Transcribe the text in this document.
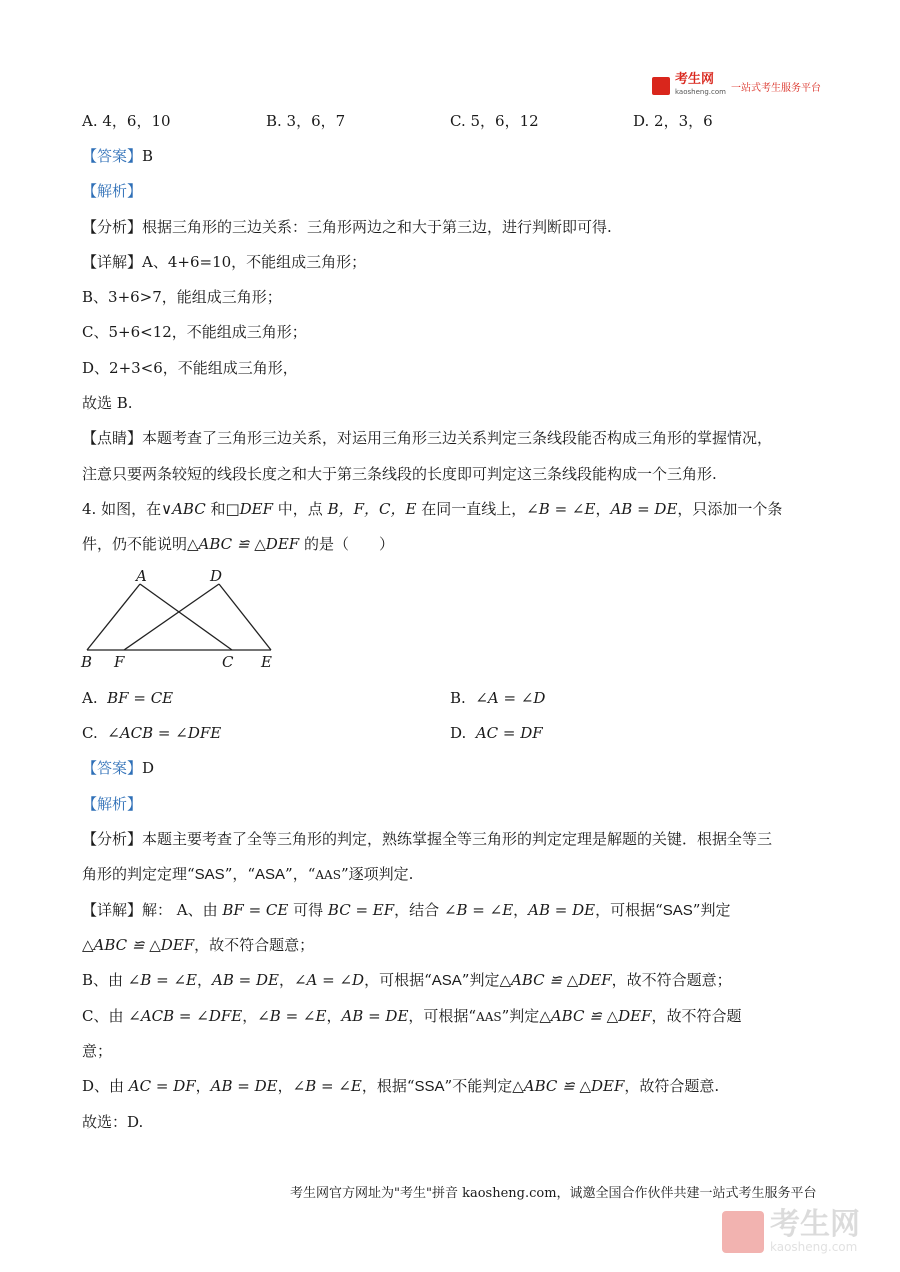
考生网
kaosheng.com 一站式考生服务平台
A. 4，6，10	B. 3，6，7	C. 5，6，12	D. 2，3，6
【答案】B
【解析】
【分析】根据三角形的三边关系：三角形两边之和大于第三边，进行判断即可得.
【详解】A、4+6=10，不能组成三角形；
B、3+6>7，能组成三角形；
C、5+6<12，不能组成三角形；
D、2+3<6，不能组成三角形，
故选 B.
【点睛】本题考查了三角形三边关系，对运用三角形三边关系判定三条线段能否构成三角形的掌握情况，
注意只要两条较短的线段长度之和大于第三条线段的长度即可判定这三条线段能构成一个三角形.
4. 如图，在∨ABC 和□DEF 中，点 B，F，C，E 在同一直线上，∠B = ∠E，AB = DE，只添加一个条
件，仍不能说明△ABC ≌ △DEF 的是（　　）
A	D
B F	C E
A. BF = CE	B. ∠A = ∠D
C. ∠ACB = ∠DFE	D. AC = DF
【答案】D
【解析】
【分析】本题主要考查了全等三角形的判定，熟练掌握全等三角形的判定定理是解题的关键．根据全等三
角形的判定定理“SAS”，“ASA”，“AAS”逐项判定.
【详解】解： A、由 BF = CE 可得 BC = EF，结合 ∠B = ∠E，AB = DE，可根据“SAS”判定
△ABC ≌ △DEF，故不符合题意；
B、由 ∠B = ∠E，AB = DE，∠A = ∠D，可根据“ASA”判定△ABC ≌ △DEF，故不符合题意；
C、由 ∠ACB = ∠DFE，∠B = ∠E，AB = DE，可根据“AAS”判定△ABC ≌ △DEF，故不符合题
意；
D、由 AC = DF，AB = DE，∠B = ∠E，根据“SSA”不能判定△ABC ≌ △DEF，故符合题意.
故选：D.
考生网官方网址为"考生"拼音 kaosheng.com，诚邀全国合作伙伴共建一站式考生服务平台
考生网
kaosheng.com
